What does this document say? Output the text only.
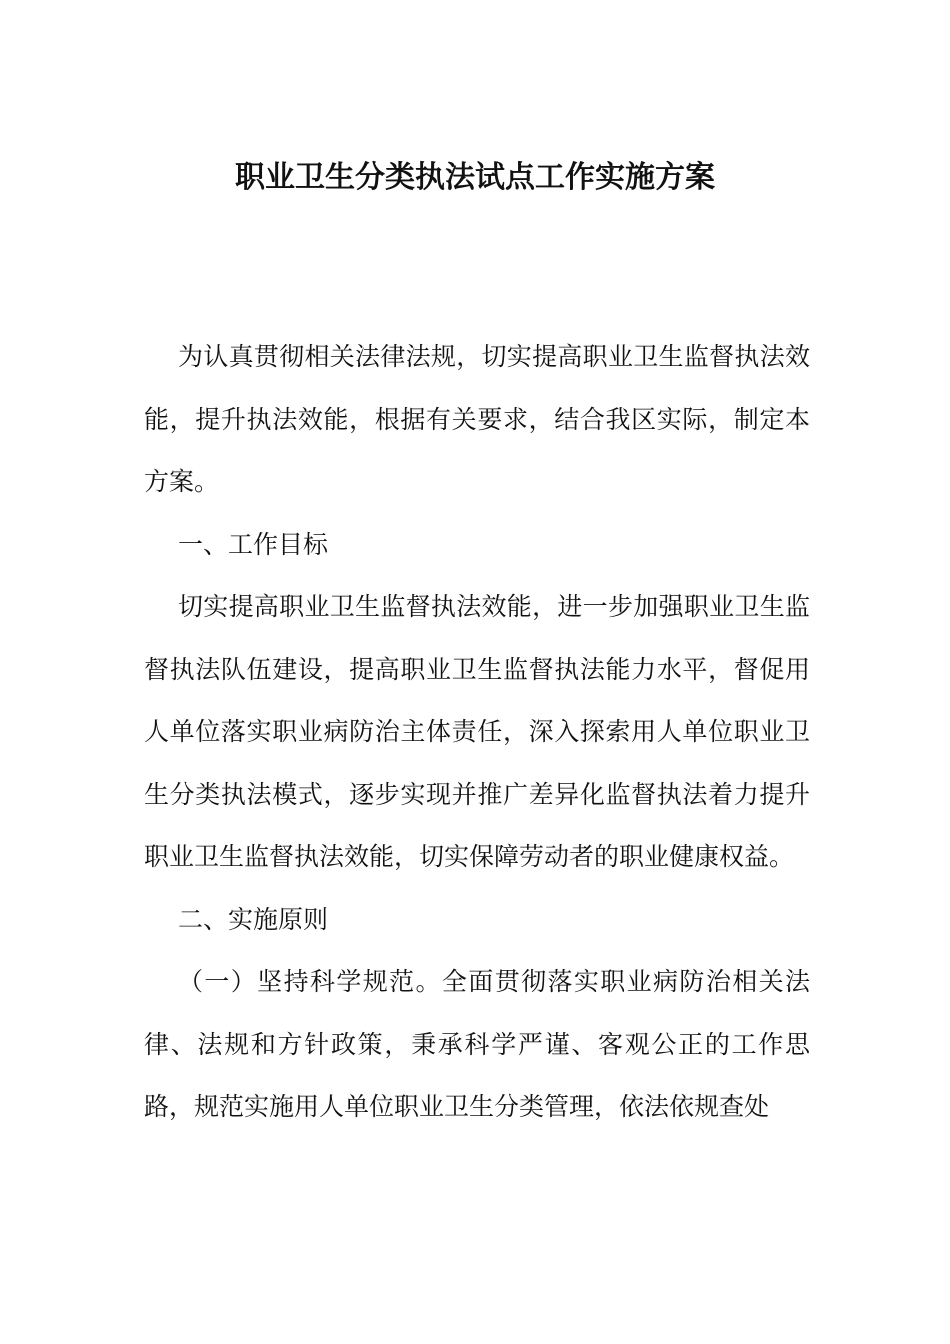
职业卫生分类执法试点工作实施方案

为认真贯彻相关法律法规，切实提高职业卫生监督执法效能，提升执法效能，根据有关要求，结合我区实际，制定本方案。

一、工作目标

切实提高职业卫生监督执法效能，进一步加强职业卫生监督执法队伍建设，提高职业卫生监督执法能力水平，督促用人单位落实职业病防治主体责任，深入探索用人单位职业卫生分类执法模式，逐步实现并推广差异化监督执法着力提升职业卫生监督执法效能，切实保障劳动者的职业健康权益。

二、实施原则

（一）坚持科学规范。全面贯彻落实职业病防治相关法律、法规和方针政策，秉承科学严谨、客观公正的工作思路，规范实施用人单位职业卫生分类管理，依法依规查处
